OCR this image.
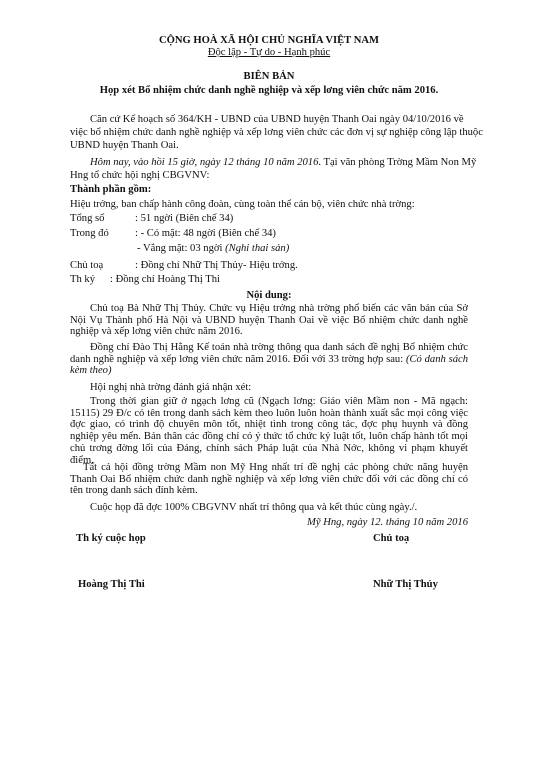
CỘNG HOÀ XÃ HỘI CHỦ NGHĨA VIỆT NAM
Độc lập - Tự do - Hạnh phúc
BIÊN BẢN
Họp xét Bổ nhiệm chức danh nghề nghiệp và xếp lơng viên chức năm 2016.
Căn cứ Kế hoạch số 364/KH - UBND của UBND huyện Thanh Oai ngày 04/10/2016 về
việc bổ nhiệm chức danh nghề nghiệp và xếp lơng viên chức các đơn vị sự nghiệp công lập thuộc
UBND huyện Thanh Oai.
Hôm nay, vào hồi 15 giờ, ngày 12 tháng 10 năm 2016. Tại văn phòng Trờng Mầm Non Mỹ
Hng tổ chức hội nghị CBGVNV:
Thành phần gồm:
Hiệu trởng, ban chấp hành công đoàn, cùng toàn thể cán bộ, viên chức nhà trờng:
Tổng số	: 51 ngời (Biên chế 34)
Trong đó : - Có mặt: 48 ngời (Biên chế 34)
- Vắng mặt: 03 ngời (Nghỉ thai sản)
Chủ toạ	: Đồng chí Nhữ Thị Thủy- Hiệu trởng.
Th ký : Đồng chí Hoàng Thị Thi
Nội dung:
Chủ toạ Bà Nhữ Thị Thủy. Chức vụ Hiệu trởng nhà trờng phổ biến các văn bản của Sở Nội Vụ Thành phố Hà Nội và UBND huyện Thanh Oai về việc Bổ nhiệm chức danh nghề nghiệp và xếp lơng viên chức năm 2016.
Đồng chí Đào Thị Hằng Kế toán nhà trờng thông qua danh sách đề nghị Bổ nhiệm chức danh nghề nghiệp và xếp lơng viên chức năm 2016. Đối với 33 trờng hợp sau: (Có danh sách kèm theo)
Hội nghị nhà trờng đánh giá nhận xét:
Trong thời gian giữ ở ngạch lơng cũ (Ngạch lơng: Giáo viên Mầm non - Mã ngạch: 15115) 29 Đ/c có tên trong danh sách kèm theo luôn luôn hoàn thành xuất sắc mọi công việc đợc giao, có trình độ chuyên môn tốt, nhiệt tình trong công tác, đợc phụ huynh và đồng nghiệp yêu mến. Bản thân các đồng chí có ý thức tổ chức kỷ luật tốt, luôn chấp hành tốt mọi chủ trơng đờng lối của Đảng, chính sách Pháp luật của Nhà Nớc, không vi phạm khuyết điểm.
Tất cả hội đồng trờng Mầm non Mỹ Hng nhất trí đề nghị các phòng chức năng huyện Thanh Oai Bổ nhiệm chức danh nghề nghiệp và xếp lơng viên chức đối với các đồng chí có tên trong danh sách đính kèm.
Cuộc họp đã đợc 100% CBGVNV nhất trí thông qua và kết thúc cùng ngày./.
Mỹ Hng, ngày 12. tháng 10 năm 2016
Th ký cuộc họp	Chủ toạ
Hoàng Thị Thi	Nhữ Thị Thủy
